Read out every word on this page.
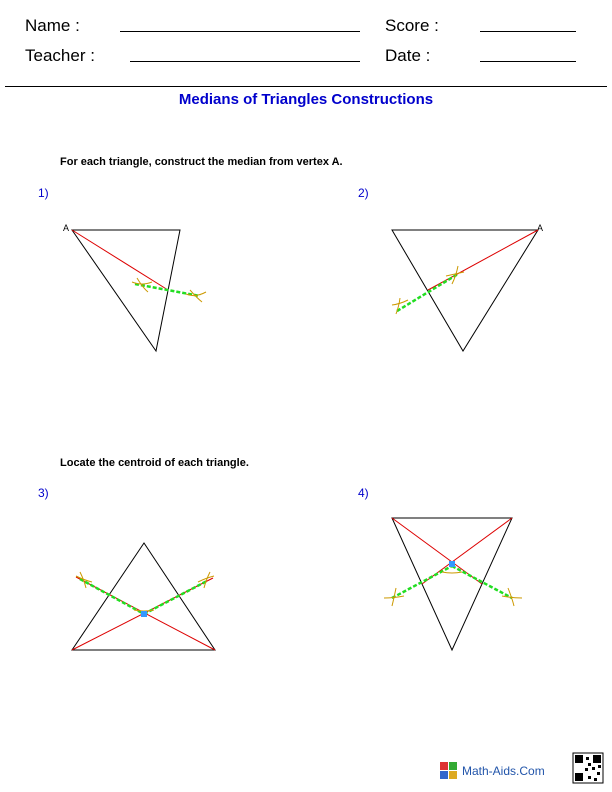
Name :	Score :
Teacher :	Date :
Medians of Triangles Constructions
For each triangle, construct the median from vertex A.
1)	2)
A	A
Locate the centroid of each triangle.
3)	4)
Math-Aids.Com
